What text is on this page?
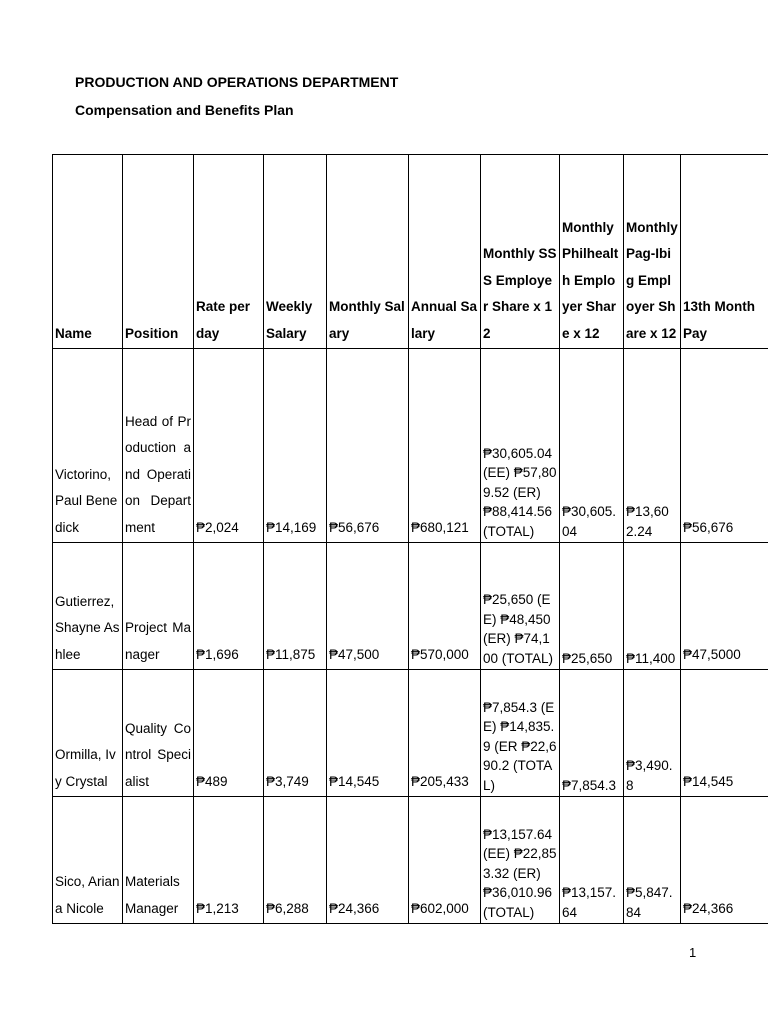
PRODUCTION AND OPERATIONS DEPARTMENT
Compensation and Benefits Plan
Name	Position	Rate per day	Weekly Salary	Monthly Salary	Annual Salary	Monthly SSS Employer Share x 12	Monthly Philhealth Employer Share x 12	Monthly Pag-Ibig Employer Share x 12	13th Month Pay
Victorino, Paul Benedick	Head of Production and Operation Department	₱2,024	₱14,169	₱56,676	₱680,121	₱30,605.04 (EE) ₱57,809.52 (ER) ₱88,414.56 (TOTAL)	₱30,605.04	₱13,602.24	₱56,676
Gutierrez, Shayne Ashlee	Project Manager	₱1,696	₱11,875	₱47,500	₱570,000	₱25,650 (EE) ₱48,450 (ER) ₱74,100 (TOTAL)	₱25,650	₱11,400	₱47,5000
Ormilla, Ivy Crystal	Quality Control Specialist	₱489	₱3,749	₱14,545	₱205,433	₱7,854.3 (EE) ₱14,835.9 (ER ₱22,690.2 (TOTAL)	₱7,854.3	₱3,490.8	₱14,545
Sico, Ariana Nicole	Materials Manager	₱1,213	₱6,288	₱24,366	₱602,000	₱13,157.64 (EE) ₱22,853.32 (ER) ₱36,010.96 (TOTAL)	₱13,157.64	₱5,847.84	₱24,366
1
